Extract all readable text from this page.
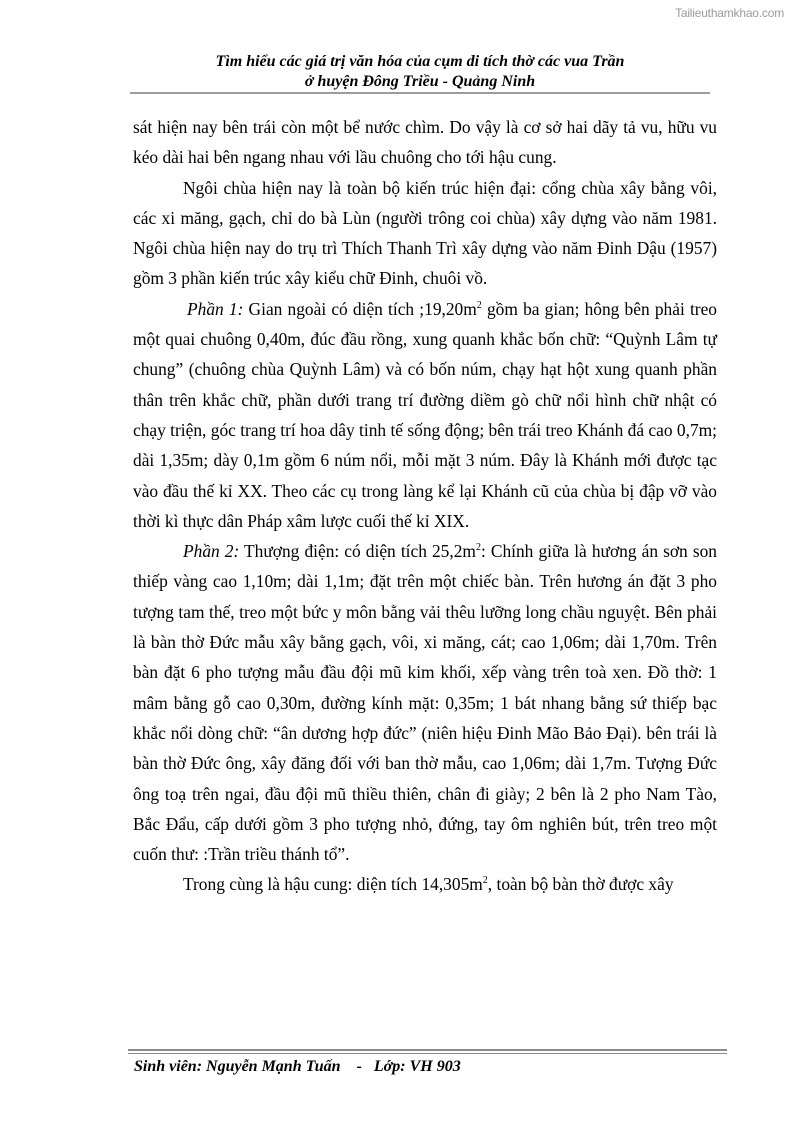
Tailieuthamkhao.com
Tìm hiểu các giá trị văn hóa của cụm di tích thờ các vua Trần
ở huyện Đông Triều - Quảng Ninh

sát hiện nay bên trái còn một bể nước chìm. Do vậy là cơ sở hai dãy tả vu, hữu vu kéo dài hai bên ngang nhau với lầu chuông cho tới hậu cung.

Ngôi chùa hiện nay là toàn bộ kiến trúc hiện đại: cổng chùa xây bằng vôi, các xi măng, gạch, chỉ do bà Lùn (người trông coi chùa) xây dựng vào năm 1981. Ngôi chùa hiện nay do trụ trì Thích Thanh Trì xây dựng vào năm Đinh Dậu (1957) gồm 3 phần kiến trúc xây kiểu chữ Đinh, chuôi vồ.

Phần 1: Gian ngoài có diện tích $;19,20m^2$ gồm ba gian; hông bên phải treo một quai chuông 0,40m, đúc đầu rồng, xung quanh khắc bốn chữ: “Quỳnh Lâm tự chung” (chuông chùa Quỳnh Lâm) và có bốn núm, chạy hạt hột xung quanh phần thân trên khắc chữ, phần dưới trang trí đường diềm gò chữ nổi hình chữ nhật có chạy triện, góc trang trí hoa dây tinh tế sống động; bên trái treo Khánh đá cao 0,7m; dài 1,35m; dày 0,1m gồm 6 núm nổi, mỗi mặt 3 núm. Đây là Khánh mới được tạc vào đầu thế kỉ XX. Theo các cụ trong làng kể lại Khánh cũ của chùa bị đập vỡ vào thời kì thực dân Pháp xâm lược cuối thế kỉ XIX.

Phần 2: Thượng điện: có diện tích $25,2m^2$: Chính giữa là hương án sơn son thiếp vàng cao 1,10m; dài 1,1m; đặt trên một chiếc bàn. Trên hương án đặt 3 pho tượng tam thế, treo một bức y môn bằng vải thêu lưỡng long chầu nguyệt. Bên phải là bàn thờ Đức mẫu xây bằng gạch, vôi, xi măng, cát; cao 1,06m; dài 1,70m. Trên bàn đặt 6 pho tượng mẫu đầu đội mũ kim khối, xếp vàng trên toà xen. Đồ thờ: 1 mâm bằng gỗ cao 0,30m, đường kính mặt: 0,35m; 1 bát nhang bằng sứ thiếp bạc khắc nổi dòng chữ: “ân dương hợp đức” (niên hiệu Đinh Mão Bảo Đại). bên trái là bàn thờ Đức ông, xây đăng đối với ban thờ mẫu, cao 1,06m; dài 1,7m. Tượng Đức ông toạ trên ngai, đầu đội mũ thiều thiên, chân đi giày; 2 bên là 2 pho Nam Tào, Bắc Đẩu, cấp dưới gồm 3 pho tượng nhỏ, đứng, tay ôm nghiên bút, trên treo một cuốn thư: :Trần triều thánh tổ”.

Trong cùng là hậu cung: diện tích $14,305m^2$, toàn bộ bàn thờ được xây

Sinh viên: Nguyễn Mạnh Tuấn    -   Lớp: VH 903
